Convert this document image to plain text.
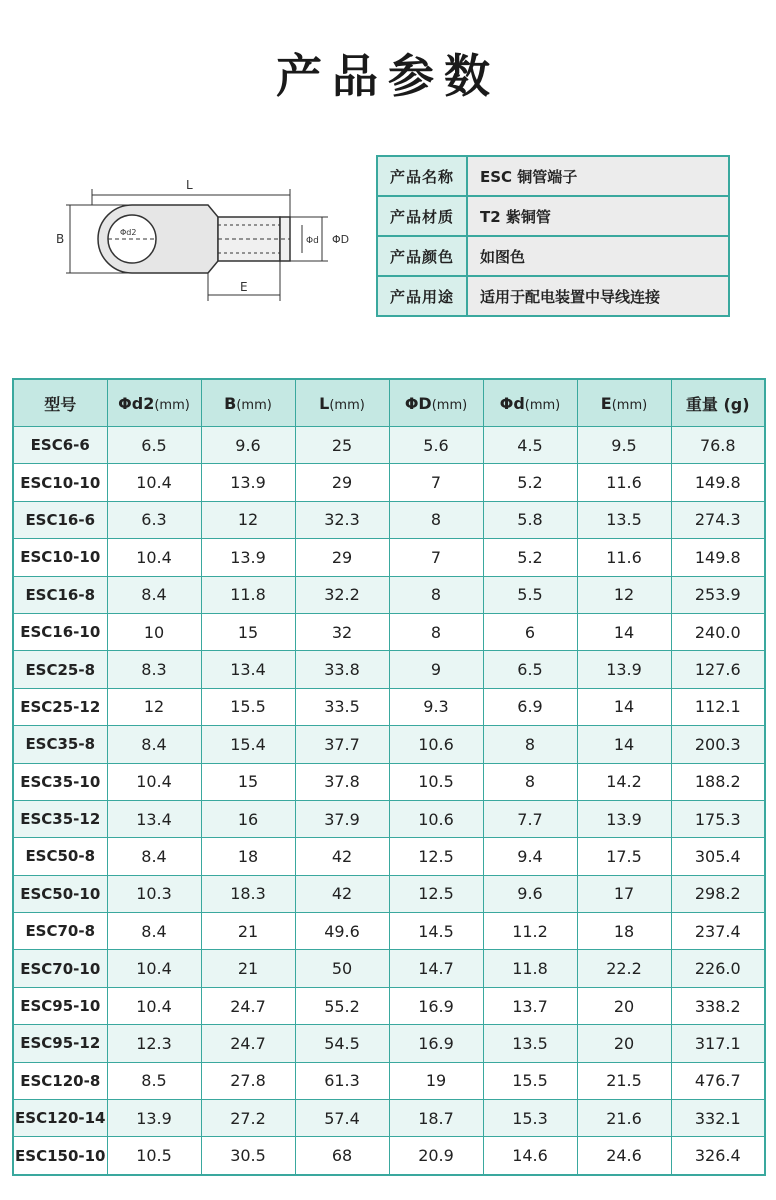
产品参数
L
B
E
Φd2
ΦD
Φd
产品名称	ESC 铜管端子
产品材质	T2 紫铜管
产品颜色	如图色
产品用途	适用于配电装置中导线连接
型号	Φd2(mm)	B(mm)	L(mm)	ΦD(mm)	Φd(mm)	E(mm)	重量 (g)
ESC6-6	6.5	9.6	25	5.6	4.5	9.5	76.8
ESC10-10	10.4	13.9	29	7	5.2	11.6	149.8
ESC16-6	6.3	12	32.3	8	5.8	13.5	274.3
ESC10-10	10.4	13.9	29	7	5.2	11.6	149.8
ESC16-8	8.4	11.8	32.2	8	5.5	12	253.9
ESC16-10	10	15	32	8	6	14	240.0
ESC25-8	8.3	13.4	33.8	9	6.5	13.9	127.6
ESC25-12	12	15.5	33.5	9.3	6.9	14	112.1
ESC35-8	8.4	15.4	37.7	10.6	8	14	200.3
ESC35-10	10.4	15	37.8	10.5	8	14.2	188.2
ESC35-12	13.4	16	37.9	10.6	7.7	13.9	175.3
ESC50-8	8.4	18	42	12.5	9.4	17.5	305.4
ESC50-10	10.3	18.3	42	12.5	9.6	17	298.2
ESC70-8	8.4	21	49.6	14.5	11.2	18	237.4
ESC70-10	10.4	21	50	14.7	11.8	22.2	226.0
ESC95-10	10.4	24.7	55.2	16.9	13.7	20	338.2
ESC95-12	12.3	24.7	54.5	16.9	13.5	20	317.1
ESC120-8	8.5	27.8	61.3	19	15.5	21.5	476.7
ESC120-14	13.9	27.2	57.4	18.7	15.3	21.6	332.1
ESC150-10	10.5	30.5	68	20.9	14.6	24.6	326.4
